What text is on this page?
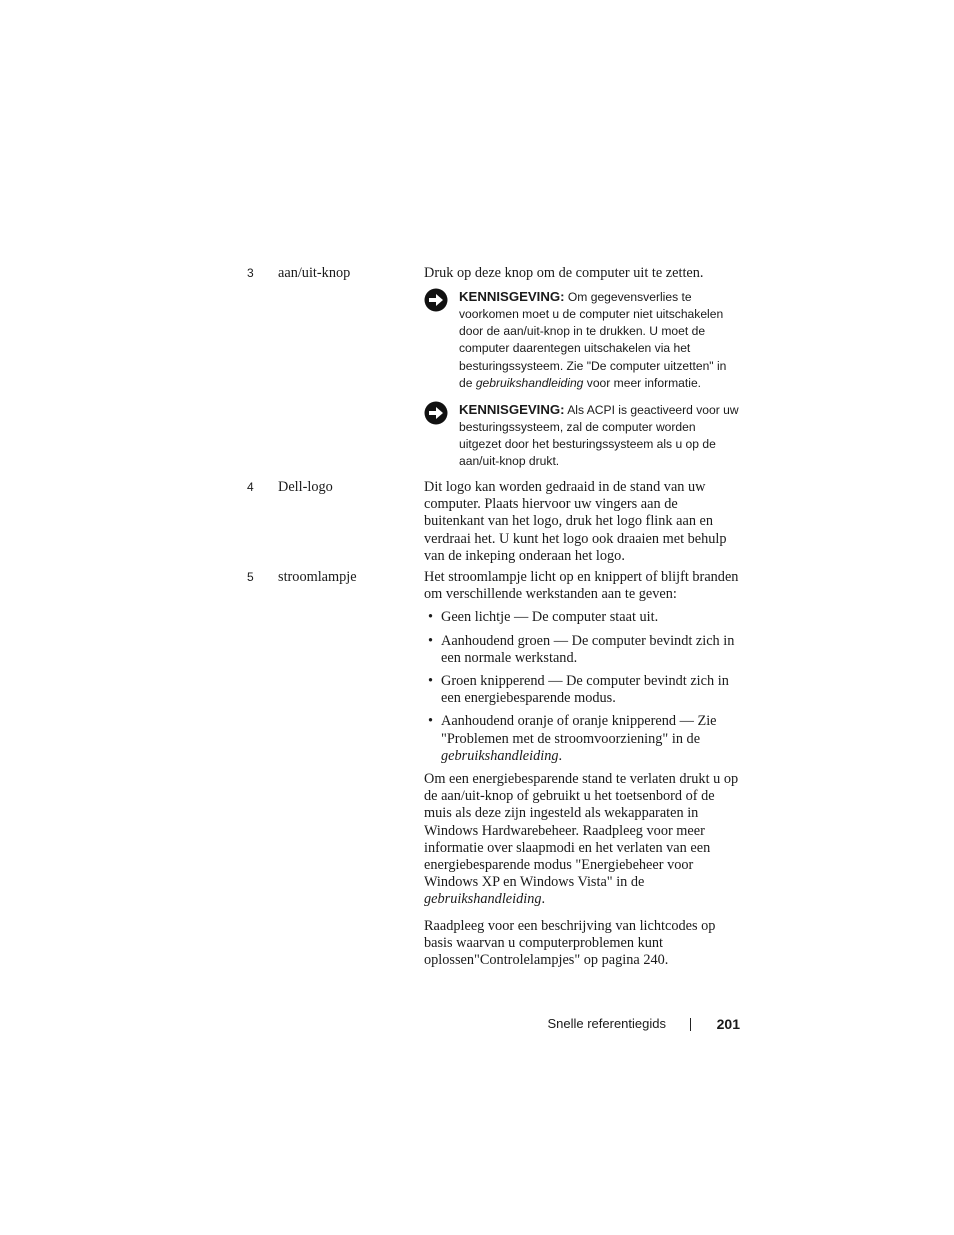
3 aan/uit-knop	Druk op deze knop om de computer uit te zetten.

KENNISGEVING: Om gegevensverlies te voorkomen moet u de computer niet uitschakelen door de aan/uit-knop in te drukken. U moet de computer daarentegen uitschakelen via het besturingssysteem. Zie "De computer uitzetten" in de gebruikshandleiding voor meer informatie.
KENNISGEVING: Als ACPI is geactiveerd voor uw besturingssysteem, zal de computer worden uitgezet door het besturingssysteem als u op de aan/uit-knop drukt.
4 Dell-logo	Dit logo kan worden gedraaid in de stand van uw computer. Plaats hiervoor uw vingers aan de buitenkant van het logo, druk het logo flink aan en verdraai het. U kunt het logo ook draaien met behulp van de inkeping onderaan het logo.

5 stroomlampje	Het stroomlampje licht op en knippert of blijft branden om verschillende werkstanden aan te geven:

• Geen lichtje — De computer staat uit.
• Aanhoudend groen — De computer bevindt zich in een normale werkstand.
• Groen knipperend — De computer bevindt zich in een energiebesparende modus.
• Aanhoudend oranje of oranje knipperend — Zie "Problemen met de stroomvoorziening" in de gebruikshandleiding.

Om een energiebesparende stand te verlaten drukt u op de aan/uit-knop of gebruikt u het toetsenbord of de muis als deze zijn ingesteld als wekapparaten in Windows Hardwarebeheer. Raadpleeg voor meer informatie over slaapmodi en het verlaten van een energiebesparende modus "Energiebeheer voor Windows XP en Windows Vista" in de gebruikshandleiding.

Raadpleeg voor een beschrijving van lichtcodes op basis waarvan u computerproblemen kunt oplossen"Controlelampjes" op pagina 240.

Snelle referentiegids	201
